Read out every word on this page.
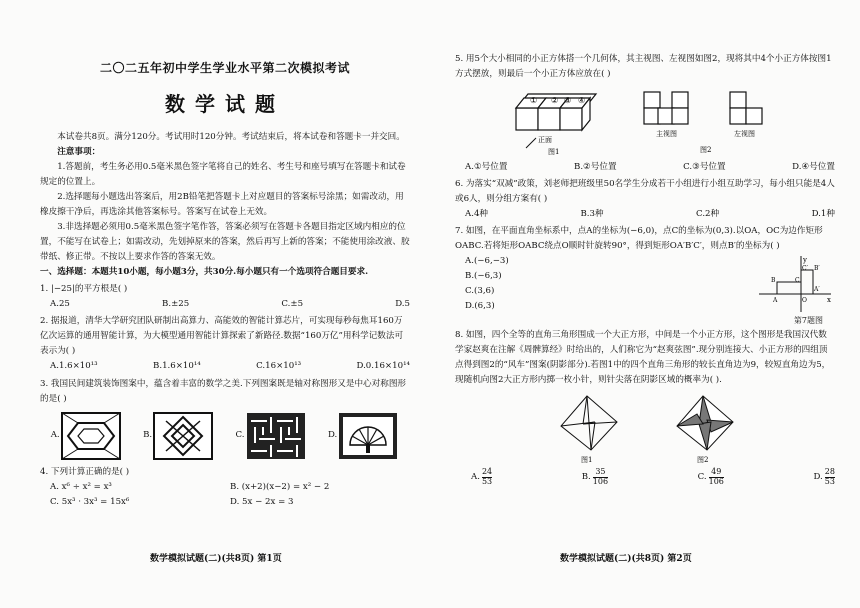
二〇二五年初中学生学业水平第二次模拟考试
数学试题

本试卷共8页。满分120分。考试用时120分钟。考试结束后，将本试卷和答题卡一并交回。

注意事项：

1.答题前，考生务必用0.5毫米黑色签字笔将自己的姓名、考生号和座号填写在答题卡和试卷规定的位置上。

2.选择题每小题选出答案后，用2B铅笔把答题卡上对应题目的答案标号涂黑；如需改动，用橡皮擦干净后，再选涂其他答案标号。答案写在试卷上无效。

3.非选择题必须用0.5毫米黑色签字笔作答，答案必须写在答题卡各题目指定区域内相应的位置，不能写在试卷上；如需改动，先划掉原来的答案，然后再写上新的答案；不能使用涂改液、胶带纸、修正带。不按以上要求作答的答案无效。

一、选择题：本题共10小题，每小题3分，共30分.每小题只有一个选项符合题目要求.

1. |−25|的平方根是( )

A.25	B.±25	C.±5	D.5

2. 据报道，清华大学研究团队研制出高算力、高能效的智能计算芯片，可实现每秒每焦耳160万亿次运算的通用智能计算，为大模型通用智能计算探索了新路径.数据“160万亿”用科学记数法可表示为( )

A.1.6×10¹³	B.1.6×10¹⁴	C.16×10¹³	D.0.16×10¹⁴

3. 我国民间建筑装饰图案中，蕴含着丰富的数学之美.下列图案既是轴对称图形又是中心对称图形的是( )

A.	B.	C.	D.

4. 下列计算正确的是( )

A. x⁶ ÷ x² = x³	B. (x+2)(x−2) = x² − 2
C. 5x³ · 3x³ = 15x⁶	D. 5x − 2x = 3
数学模拟试题(二)(共8页) 第1页

5. 用5个大小相同的小正方体搭一个几何体，其主视图、左视图如图2，现将其中4个小正方体按图1方式摆放，则最后一个小正方体应放在( )

① ② ③ ④
正面
图1
主视图	左视图
图2
A.①号位置	B.②号位置	C.③号位置	D.④号位置

6. 为落实“双减”政策，刘老师把班级里50名学生分成若干小组进行小组互助学习，每小组只能是4人或6人，则分组方案有( )

A.4种	B.3种	C.2种	D.1种

7. 如图，在平面直角坐标系中，点A的坐标为(−6,0)，点C的坐标为(0,3).以OA，OC为边作矩形OABC.若将矩形OABC绕点O顺时针旋转90°，得到矩形OA′B′C′，则点B′的坐标为( )

A.(−6,−3)
B.(−6,3)
C.(3,6)
D.(6,3)
y
x
B′
A′
C′
O
A
B	C
第7题图

8. 如图，四个全等的直角三角形围成一个大正方形，中间是一个小正方形，这个图形是我国汉代数学家赵爽在注解《周髀算经》时给出的，人们称它为“赵爽弦图”.现分别连接大、小正方形的四组顶点得到图2的“风车”图案(阴影部分).若图1中的四个直角三角形的较长直角边为9，较短直角边为5，现随机向图2大正方形内掷一枚小针，则针尖落在阴影区域的概率为( ).

图1	图2
A. $\frac{24}{53}$	B. $\frac{35}{106}$	C. $\frac{49}{106}$	D. $\frac{28}{53}$
数学模拟试题(二)(共8页) 第2页
